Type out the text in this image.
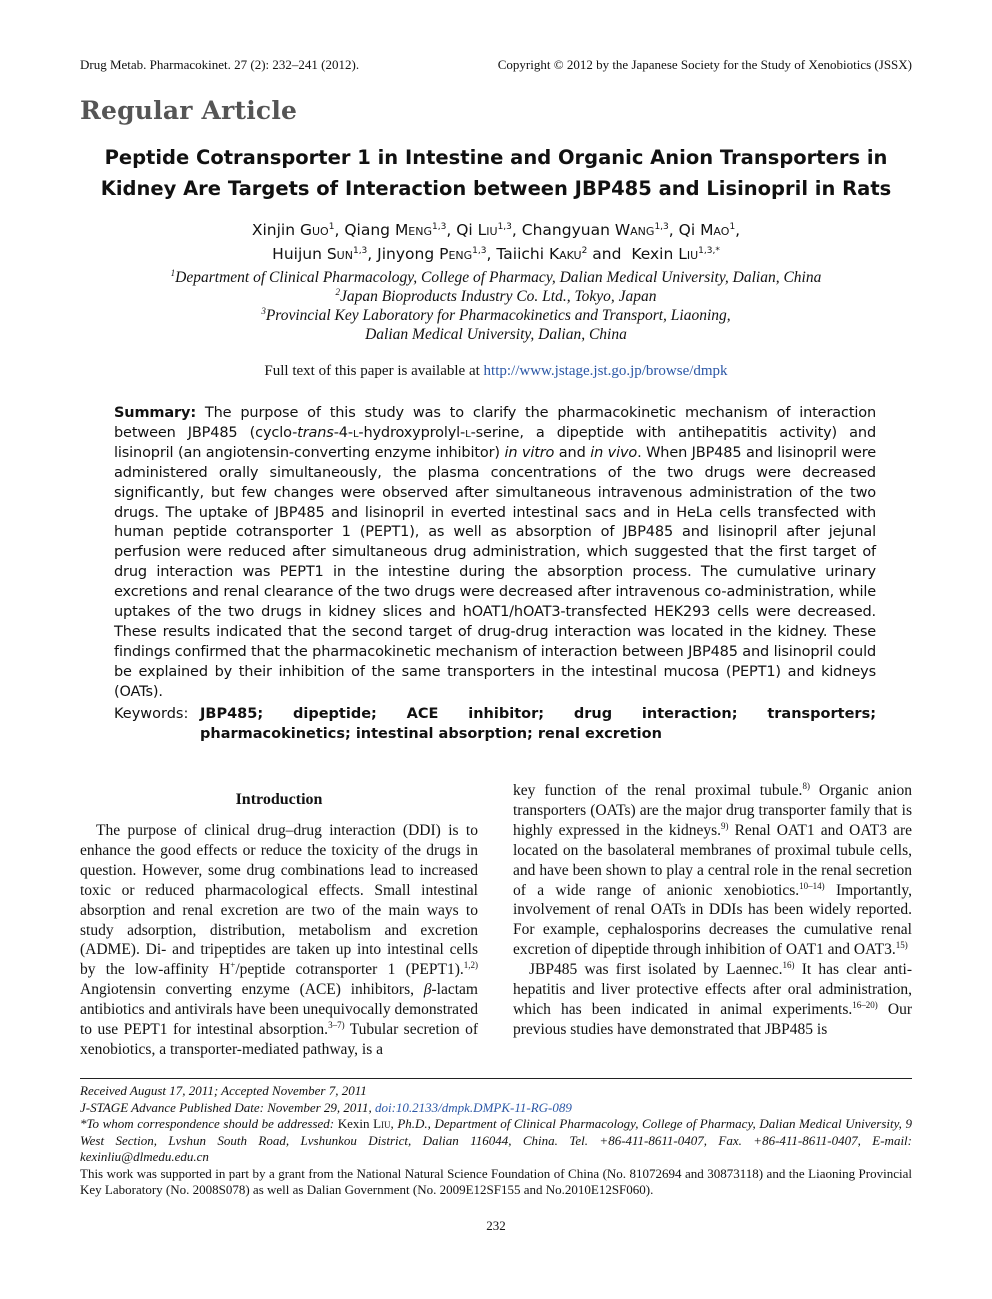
Drug Metab. Pharmacokinet. 27 (2): 232–241 (2012).	Copyright © 2012 by the Japanese Society for the Study of Xenobiotics (JSSX)
Regular Article
Peptide Cotransporter 1 in Intestine and Organic Anion Transporters in
Kidney Are Targets of Interaction between JBP485 and Lisinopril in Rats
Xinjin Guo$^1$, Qiang Meng$^{1,3}$, Qi Liu$^{1,3}$, Changyuan Wang$^{1,3}$, Qi Mao$^1$,
Huijun Sun$^{1,3}$, Jinyong Peng$^{1,3}$, Taiichi Kaku$^2$ and  Kexin Liu$^{1,3,*}$
$^1$Department of Clinical Pharmacology, College of Pharmacy, Dalian Medical University, Dalian, China
$^2$Japan Bioproducts Industry Co. Ltd., Tokyo, Japan
$^3$Provincial Key Laboratory for Pharmacokinetics and Transport, Liaoning,
Dalian Medical University, Dalian, China
Full text of this paper is available at http://www.jstage.jst.go.jp/browse/dmpk
Summary: The purpose of this study was to clarify the pharmacokinetic mechanism of interaction between JBP485 (cyclo-trans-4-l-hydroxyprolyl-l-serine, a dipeptide with antihepatitis activity) and lisinopril (an angiotensin-converting enzyme inhibitor) in vitro and in vivo. When JBP485 and lisinopril were administered orally simultaneously, the plasma concentrations of the two drugs were decreased significantly, but few changes were observed after simultaneous intravenous administration of the two drugs. The uptake of JBP485 and lisinopril in everted intestinal sacs and in HeLa cells transfected with human peptide cotransporter 1 (PEPT1), as well as absorption of JBP485 and lisinopril after jejunal perfusion were reduced after simultaneous drug administration, which suggested that the first target of drug interaction was PEPT1 in the intestine during the absorption process. The cumulative urinary excretions and renal clearance of the two drugs were decreased after intravenous co-administration, while uptakes of the two drugs in kidney slices and hOAT1/hOAT3-transfected HEK293 cells were decreased. These results indicated that the second target of drug-drug interaction was located in the kidney. These findings confirmed that the pharmacokinetic mechanism of interaction between JBP485 and lisinopril could be explained by their inhibition of the same transporters in the intestinal mucosa (PEPT1) and kidneys (OATs).
Keywords: JBP485; dipeptide; ACE inhibitor; drug interaction; transporters; pharmacokinetics; intestinal absorption; renal excretion
Introduction

The purpose of clinical drug–drug interaction (DDI) is to enhance the good effects or reduce the toxicity of the drugs in question. However, some drug combinations lead to increased toxic or reduced pharmacological effects. Small intestinal absorption and renal excretion are two of the main ways to study adsorption, distribution, metabolism and excretion (ADME). Di- and tripeptides are taken up into intestinal cells by the low-affinity H+/peptide cotransporter 1 (PEPT1).$^{1,2)}$ Angiotensin converting enzyme (ACE) inhibitors, β-lactam antibiotics and antivirals have been unequivocally demonstrated to use PEPT1 for intestinal absorption.$^{3-7)}$ Tubular secretion of xenobiotics, a transporter-mediated pathway, is a

key function of the renal proximal tubule.$^{8)}$ Organic anion transporters (OATs) are the major drug transporter family that is highly expressed in the kidneys.$^{9)}$ Renal OAT1 and OAT3 are located on the basolateral membranes of proximal tubule cells, and have been shown to play a central role in the renal secretion of a wide range of anionic xenobiotics.$^{10-14)}$ Importantly, involvement of renal OATs in DDIs has been widely reported. For example, cephalosporins decreases the cumulative renal excretion of dipeptide through inhibition of OAT1 and OAT3.$^{15)}$

JBP485 was first isolated by Laennec.$^{16)}$ It has clear anti-hepatitis and liver protective effects after oral administration, which has been indicated in animal experiments.$^{16-20)}$ Our previous studies have demonstrated that JBP485 is

Received August 17, 2011; Accepted November 7, 2011
J-STAGE Advance Published Date: November 29, 2011, doi:10.2133/dmpk.DMPK-11-RG-089
*To whom correspondence should be addressed: Kexin Liu, Ph.D., Department of Clinical Pharmacology, College of Pharmacy, Dalian Medical University, 9 West Section, Lvshun South Road, Lvshunkou District, Dalian 116044, China. Tel. +86-411-8611-0407, Fax. +86-411-8611-0407, E-mail: kexinliu@dlmedu.edu.cn
This work was supported in part by a grant from the National Natural Science Foundation of China (No. 81072694 and 30873118) and the Liaoning Provincial Key Laboratory (No. 2008S078) as well as Dalian Government (No. 2009E12SF155 and No.2010E12SF060).
232
